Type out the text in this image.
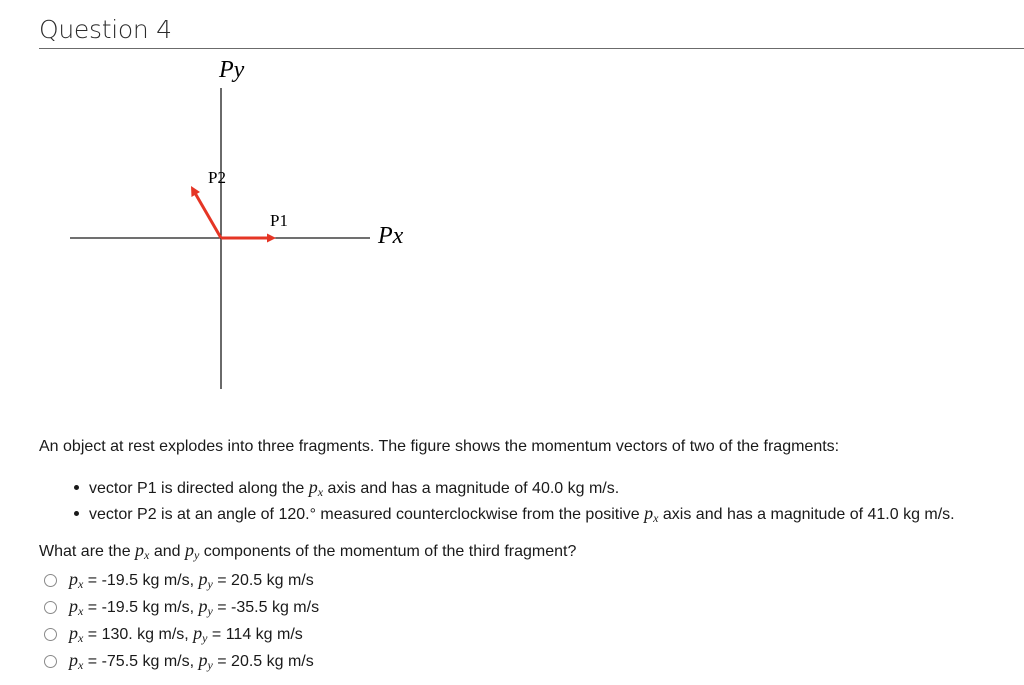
Question 4
Py
Px
P1
P2
An object at rest explodes into three fragments. The figure shows the momentum vectors of two of the fragments:
vector P1 is directed along the $p_x$ axis and has a magnitude of 40.0 kg m/s.
vector P2 is at an angle of 120.° measured counterclockwise from the positive $p_x$ axis and has a magnitude of 41.0 kg m/s.
What are the $p_x$ and $p_y$ components of the momentum of the third fragment?
$p_x = -19.5$ kg m/s, $p_y = 20.5$ kg m/s
$p_x = -19.5$ kg m/s, $p_y = -35.5$ kg m/s
$p_x = 130$. kg m/s, $p_y = 114$ kg m/s
$p_x = -75.5$ kg m/s, $p_y = 20.5$ kg m/s
